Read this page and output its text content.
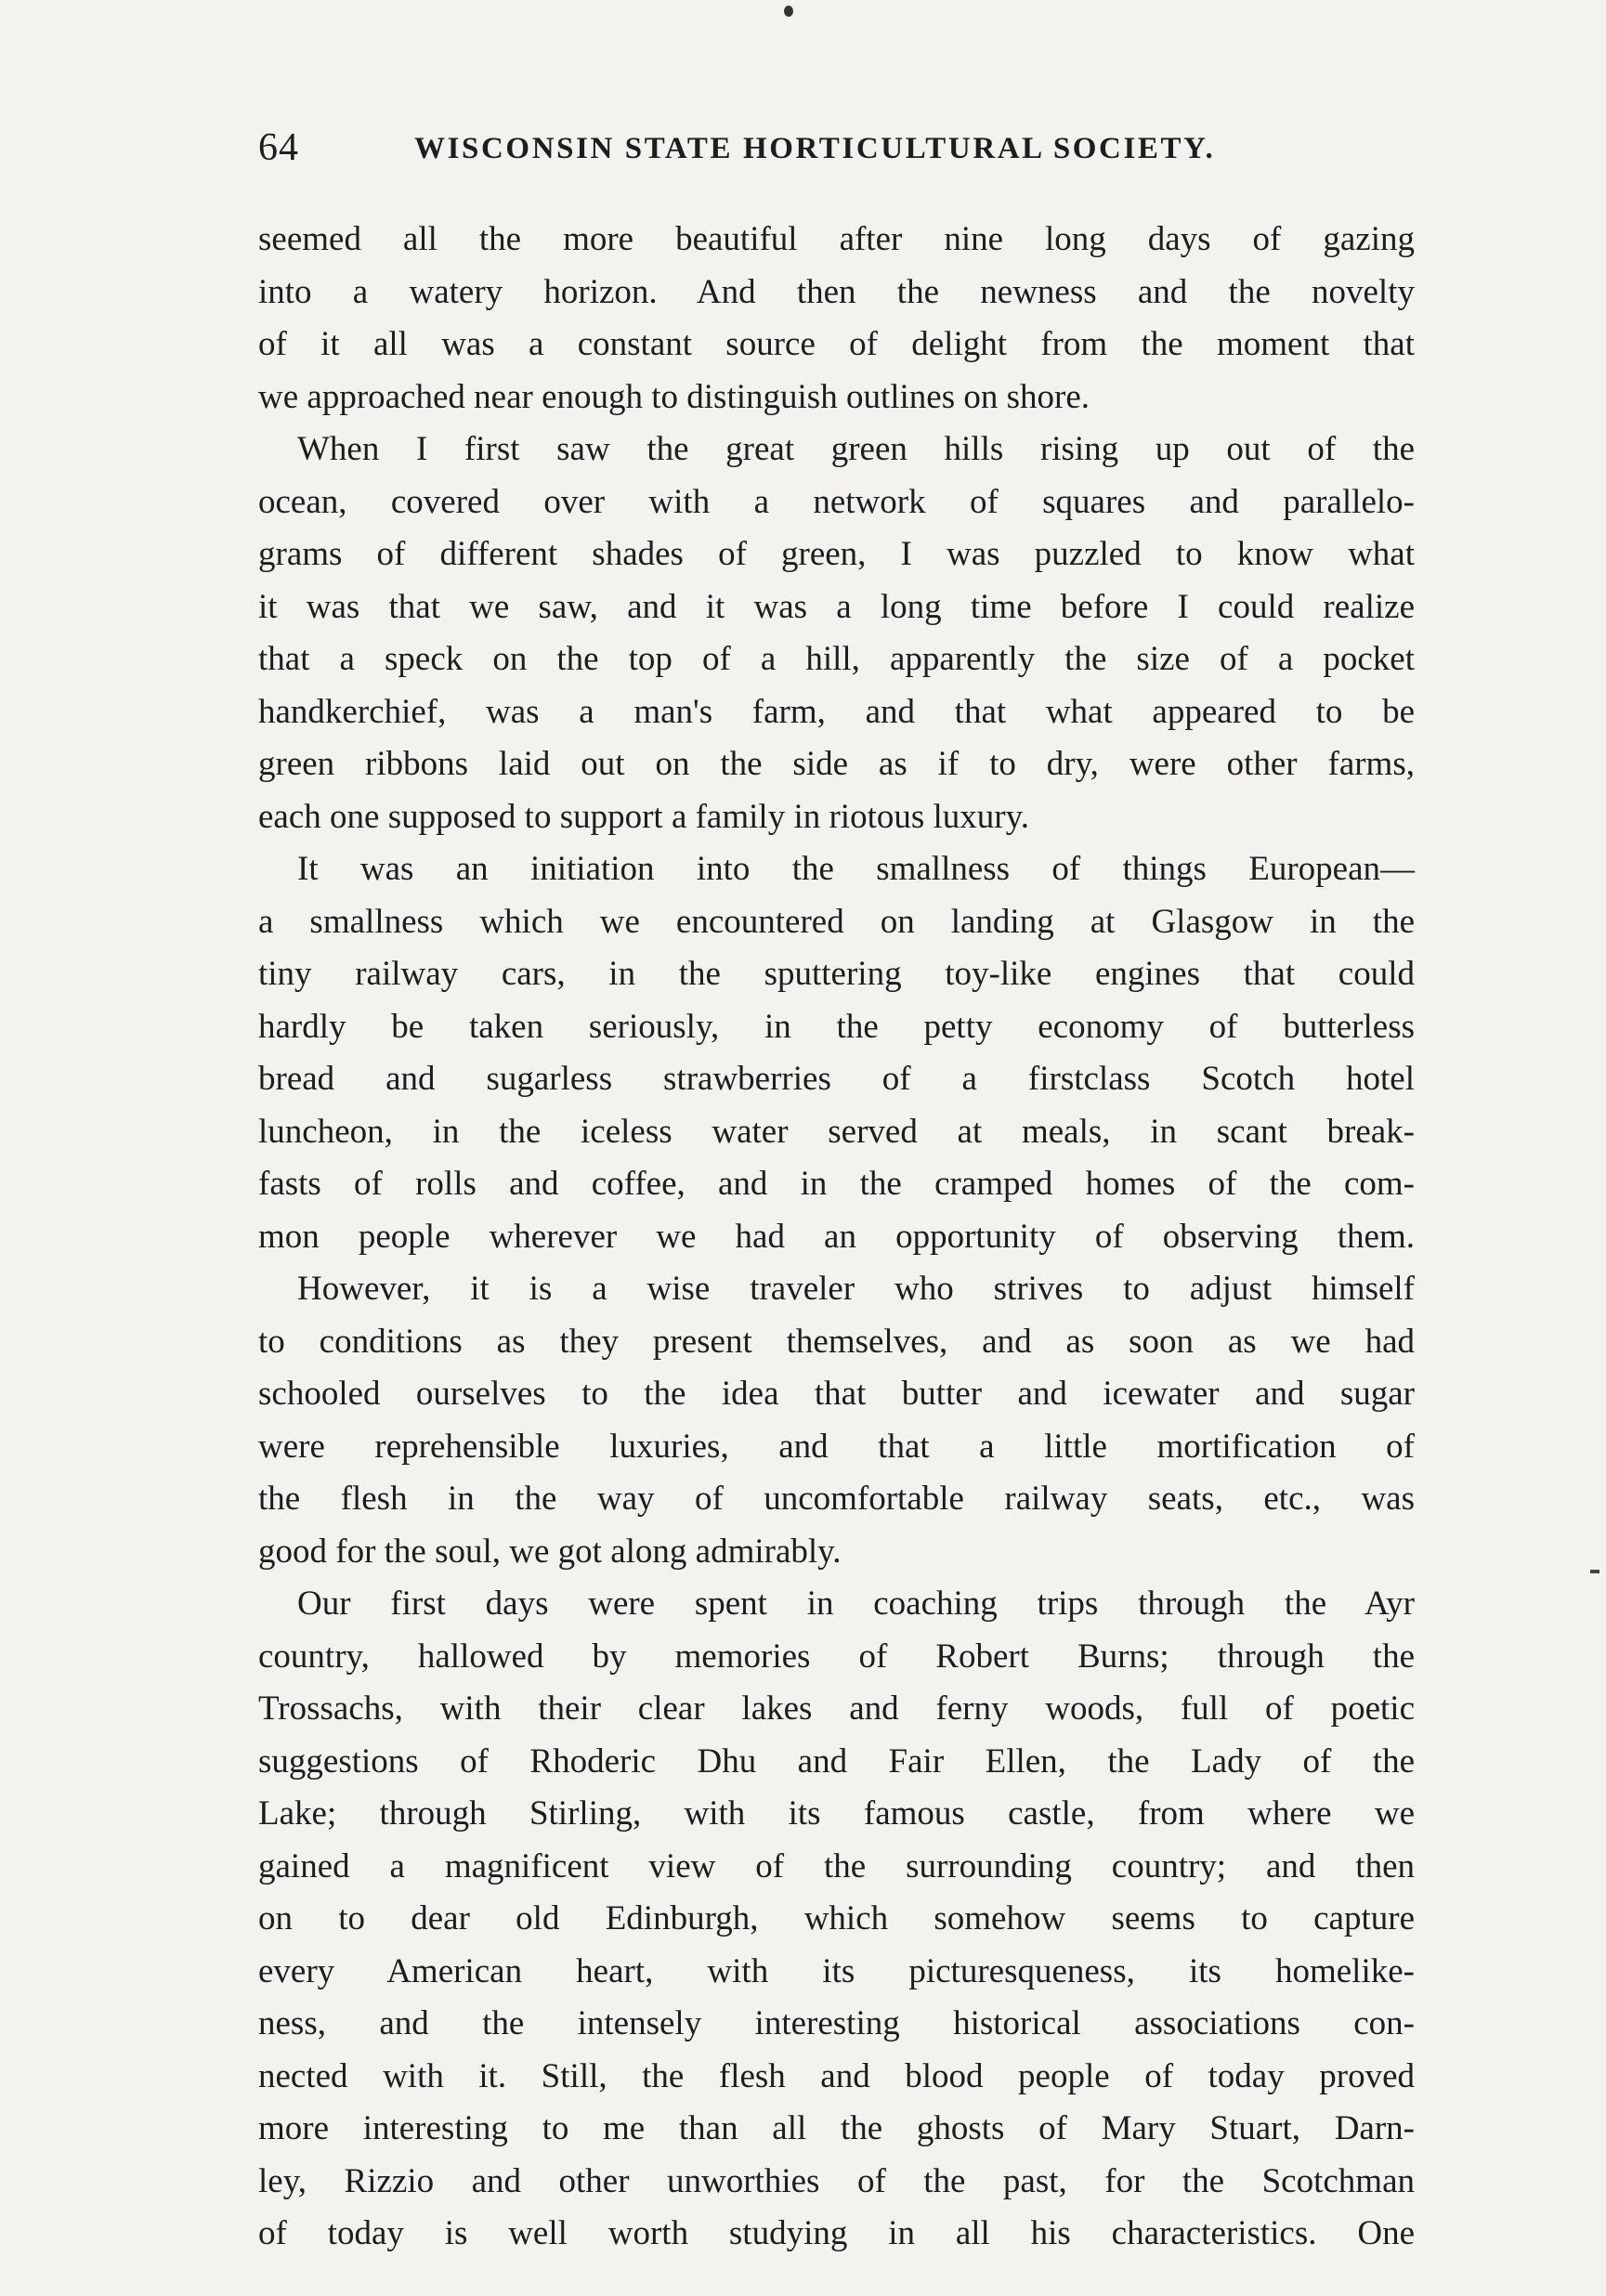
64	WISCONSIN STATE HORTICULTURAL SOCIETY.
seemed all the more beautiful after nine long days of gazing
into a watery horizon. And then the newness and the novelty
of it all was a constant source of delight from the moment that
we approached near enough to distinguish outlines on shore.
When I first saw the great green hills rising up out of the
ocean, covered over with a network of squares and parallelo-
grams of different shades of green, I was puzzled to know what
it was that we saw, and it was a long time before I could realize
that a speck on the top of a hill, apparently the size of a pocket
handkerchief, was a man's farm, and that what appeared to be
green ribbons laid out on the side as if to dry, were other farms,
each one supposed to support a family in riotous luxury.
It was an initiation into the smallness of things European—
a smallness which we encountered on landing at Glasgow in the
tiny railway cars, in the sputtering toy-like engines that could
hardly be taken seriously, in the petty economy of butterless
bread and sugarless strawberries of a firstclass Scotch hotel
luncheon, in the iceless water served at meals, in scant break-
fasts of rolls and coffee, and in the cramped homes of the com-
mon people wherever we had an opportunity of observing them.
However, it is a wise traveler who strives to adjust himself
to conditions as they present themselves, and as soon as we had
schooled ourselves to the idea that butter and icewater and sugar
were reprehensible luxuries, and that a little mortification of
the flesh in the way of uncomfortable railway seats, etc., was
good for the soul, we got along admirably.
Our first days were spent in coaching trips through the Ayr
country, hallowed by memories of Robert Burns; through the
Trossachs, with their clear lakes and ferny woods, full of poetic
suggestions of Rhoderic Dhu and Fair Ellen, the Lady of the
Lake; through Stirling, with its famous castle, from where we
gained a magnificent view of the surrounding country; and then
on to dear old Edinburgh, which somehow seems to capture
every American heart, with its picturesqueness, its homelike-
ness, and the intensely interesting historical associations con-
nected with it. Still, the flesh and blood people of today proved
more interesting to me than all the ghosts of Mary Stuart, Darn-
ley, Rizzio and other unworthies of the past, for the Scotchman
of today is well worth studying in all his characteristics. One
